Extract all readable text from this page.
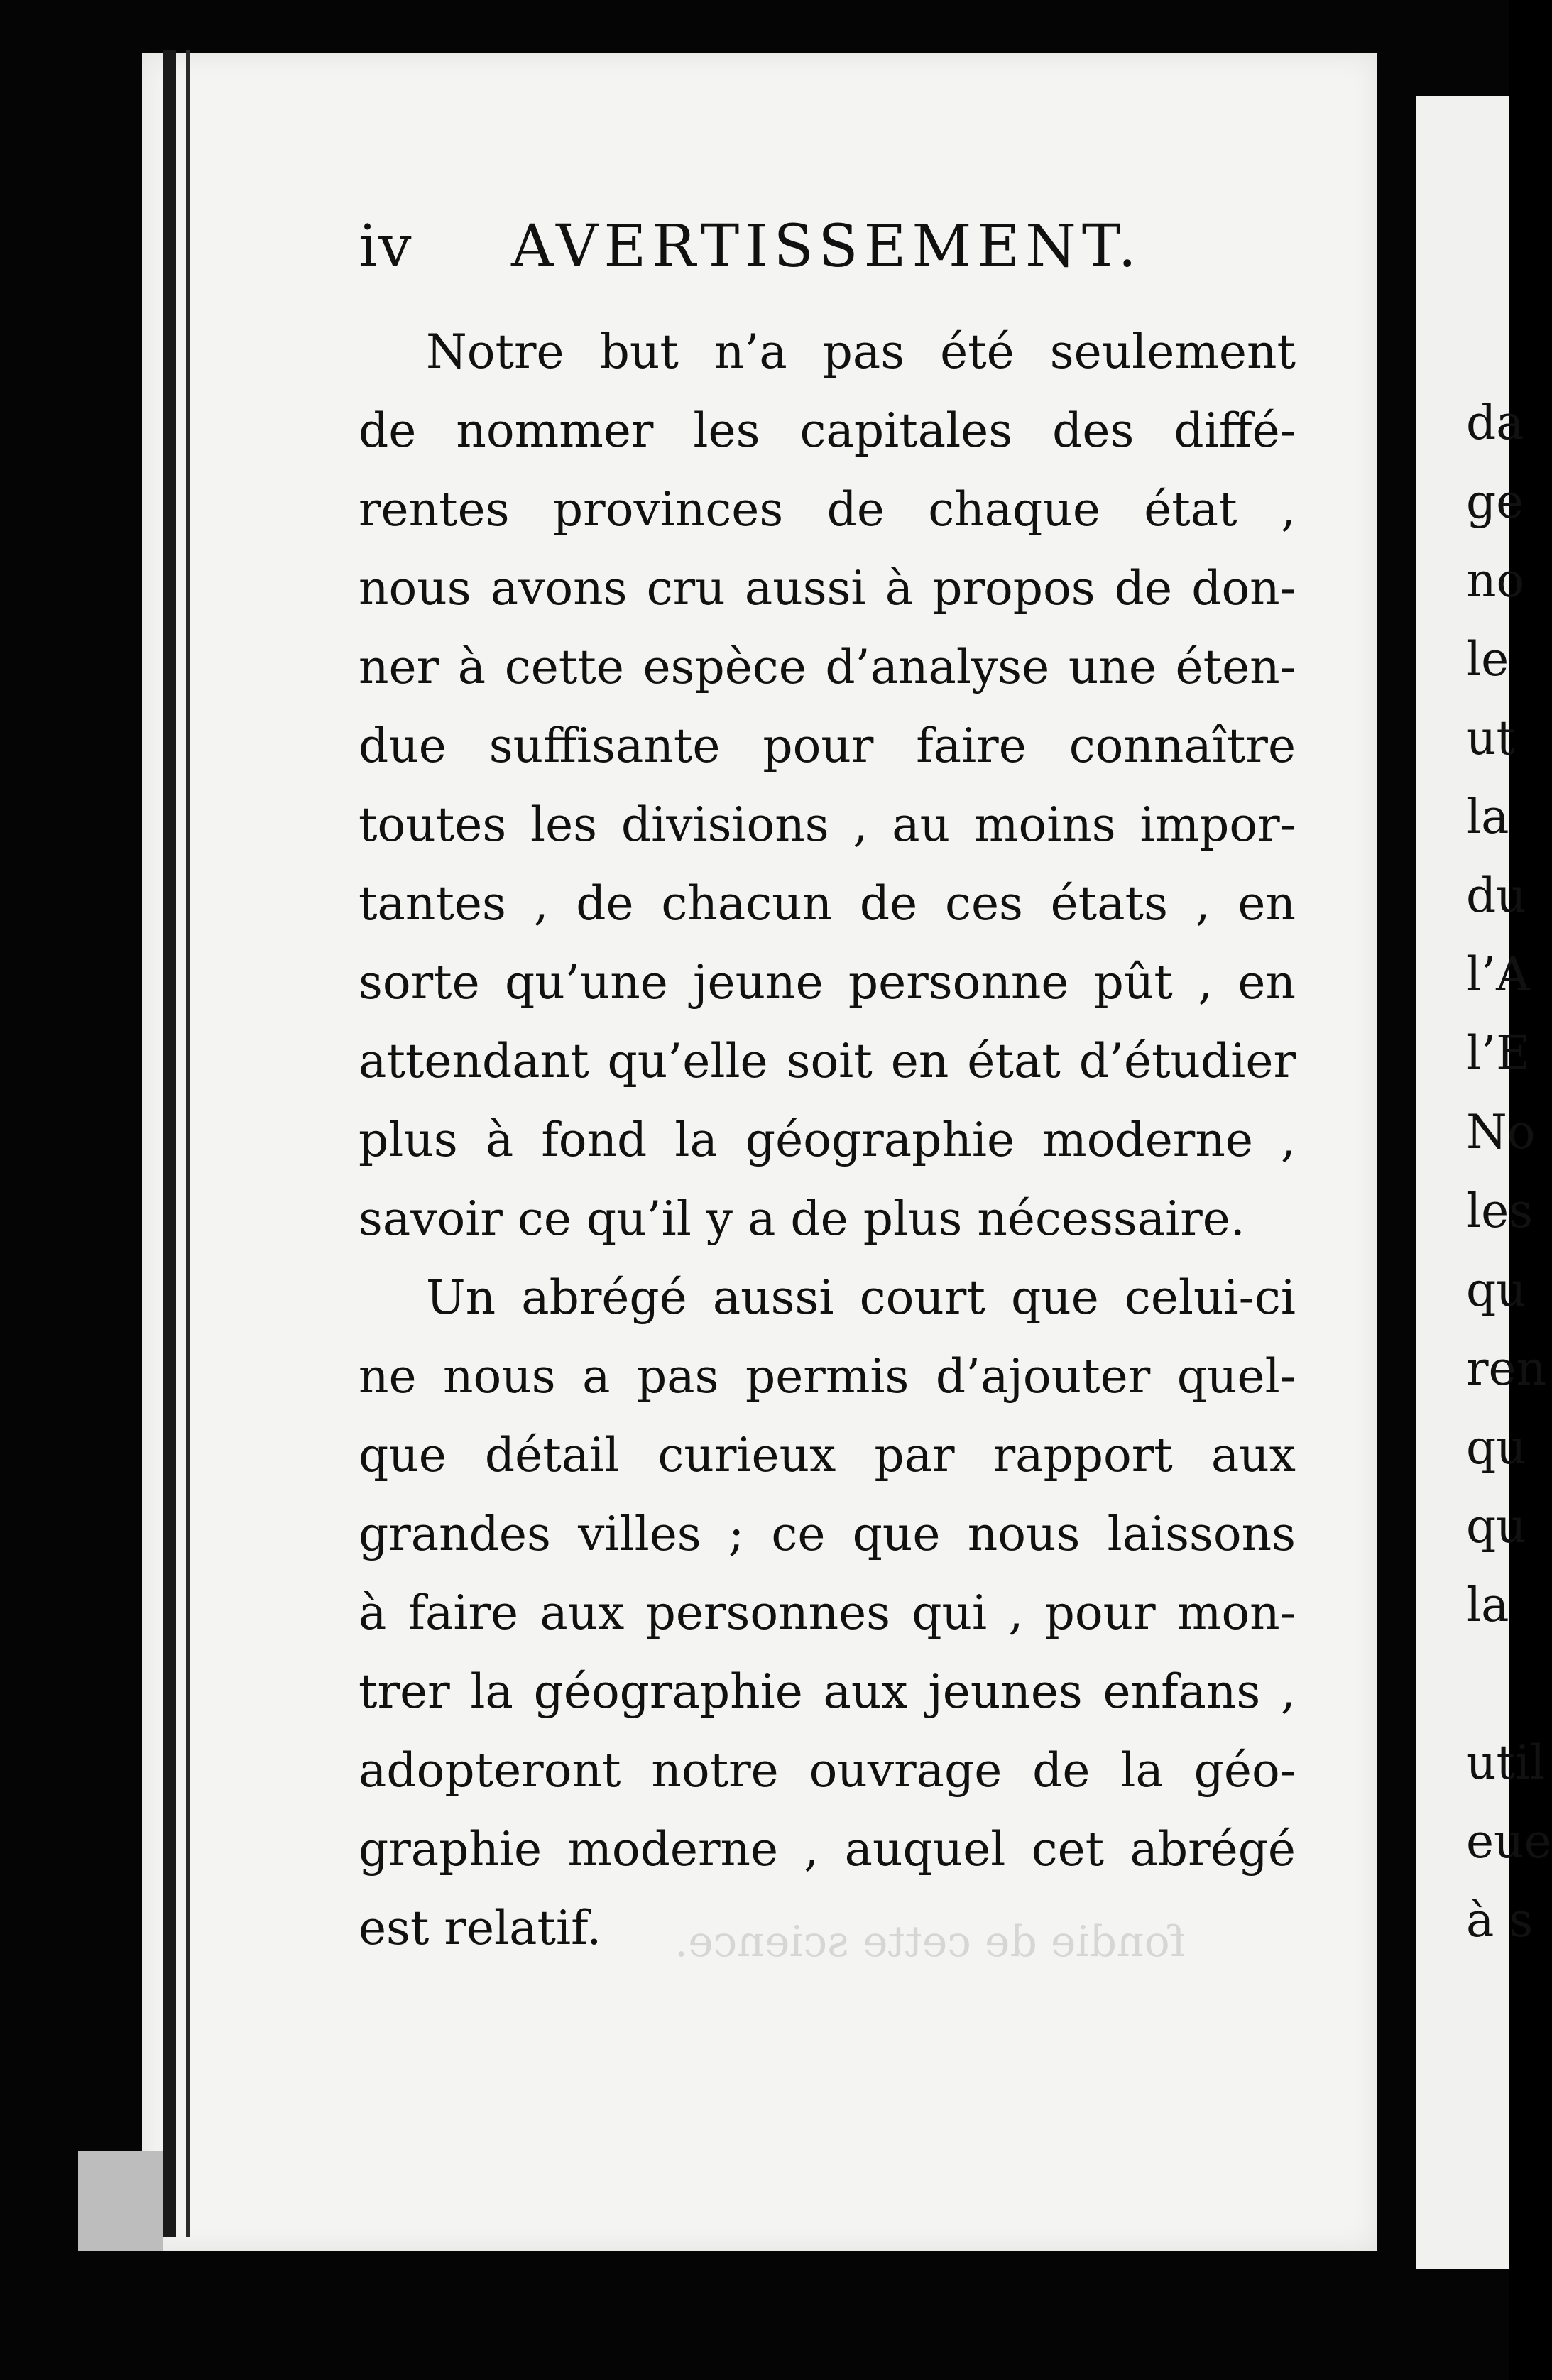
fondie de cette science.
iv AVERTISSEMENT.
Notre but n’a pas été seulement
de nommer les capitales des diffé-
rentes provinces de chaque état ,
nous avons cru aussi à propos de don-
ner à cette espèce d’analyse une éten-
due suffisante pour faire connaître
toutes les divisions , au moins impor-
tantes , de chacun de ces états , en
sorte qu’une jeune personne pût , en
attendant qu’elle soit en état d’étudier
plus à fond la géographie moderne ,
savoir ce qu’il y a de plus nécessaire.
Un abrégé aussi court que celui-ci
ne nous a pas permis d’ajouter quel-
que détail curieux par rapport aux
grandes villes ; ce que nous laissons
à faire aux personnes qui , pour mon-
trer la géographie aux jeunes enfans ,
adopteront notre ouvrage de la géo-
graphie moderne , auquel cet abrégé
est relatif.
da
ge
no
le
ut
la
du
l’A
l’E
No
les
qu
ren
qu
qu
la
util
eue
à s
